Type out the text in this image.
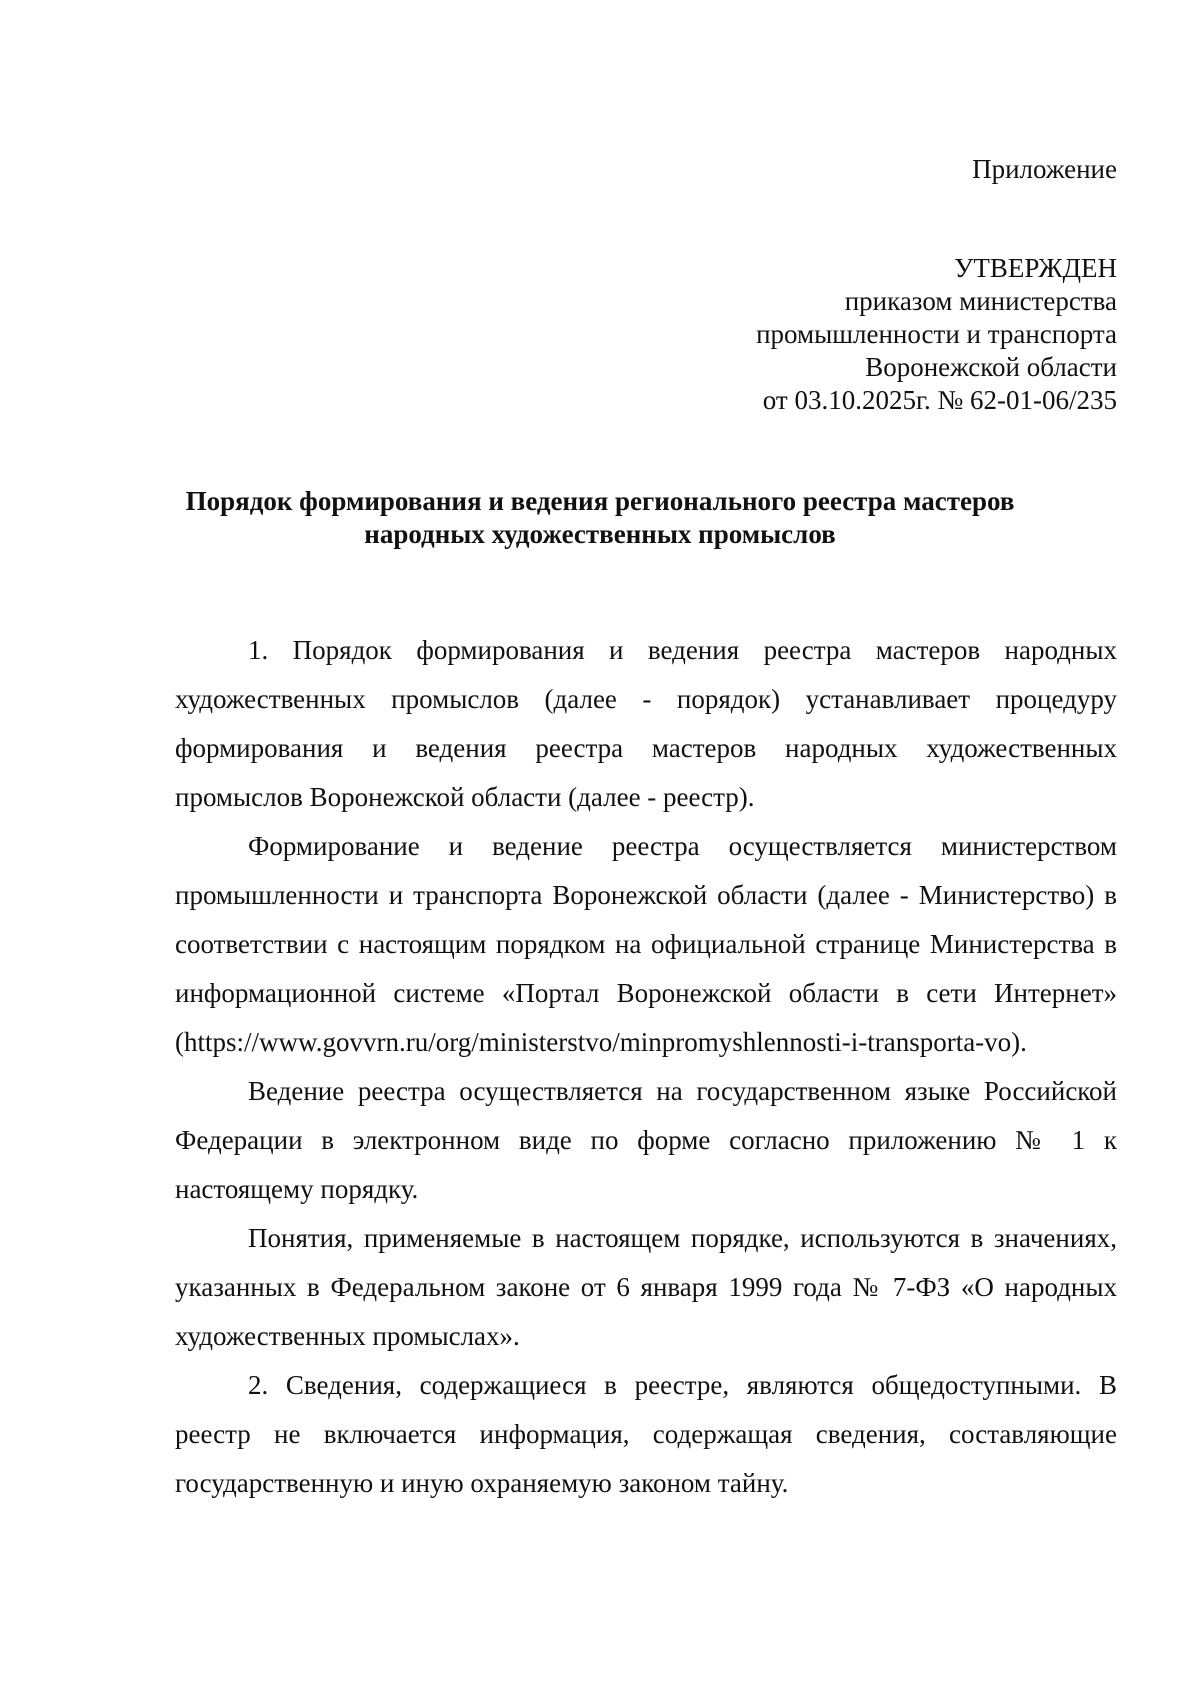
Приложение
УТВЕРЖДЕН
приказом министерства
промышленности и транспорта
Воронежской области
от 03.10.2025г. № 62-01-06/235
Порядок формирования и ведения регионального реестра мастеров
народных художественных промыслов

1. Порядок формирования и ведения реестра мастеров народных художественных промыслов (далее - порядок) устанавливает процедуру формирования и ведения реестра мастеров народных художественных промыслов Воронежской области (далее - реестр).

Формирование и ведение реестра осуществляется министерством промышленности и транспорта Воронежской области (далее - Министерство) в соответствии с настоящим порядком на официальной странице Министерства в информационной системе «Портал Воронежской области в сети Интернет» (https://www.govvrn.ru/org/ministerstvo/minpromyshlennosti-i-transporta-vo).

Ведение реестра осуществляется на государственном языке Российской Федерации в электронном виде по форме согласно приложению № 1 к настоящему порядку.

Понятия, применяемые в настоящем порядке, используются в значениях, указанных в Федеральном законе от 6 января 1999 года № 7-ФЗ «О народных художественных промыслах».

2. Сведения, содержащиеся в реестре, являются общедоступными. В реестр не включается информация, содержащая сведения, составляющие государственную и иную охраняемую законом тайну.
